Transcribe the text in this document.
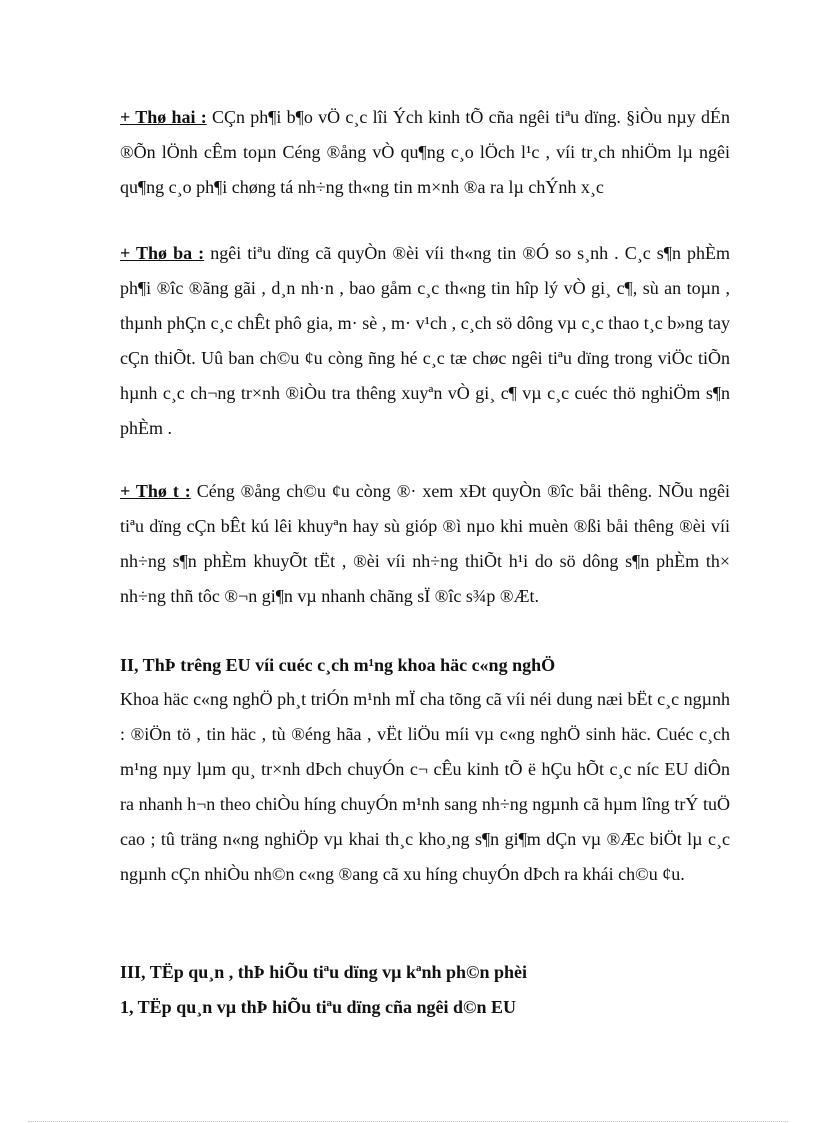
+ Thø hai : CÇn ph¶i b¶o vÖ c¸c lîi Ých kinh tÕ cña ngêi tiªu dïng. §iÒu nµy dÉn ®Õn lÖnh cÊm toµn Céng ®ång vÒ qu¶ng c¸o lÖch l¹c , víi tr¸ch nhiÖm lµ ngêi qu¶ng c¸o ph¶i chøng tá nh÷ng th«ng tin m×nh ®a ra lµ chÝnh x¸c

+ Thø ba : ngêi tiªu dïng cã quyÒn ®èi víi th«ng tin ®Ó so s¸nh . C¸c s¶n phÈm ph¶i ®îc ®ãng gãi , d¸n nh·n , bao gåm c¸c th«ng tin hîp lý vÒ gi¸ c¶, sù an toµn , thµnh phÇn c¸c chÊt phô gia, m· sè , m· v¹ch , c¸ch sö dông vµ c¸c thao t¸c b»ng tay cÇn thiÕt. Uû ban ch©u ¢u còng ñng hé c¸c tæ chøc ngêi tiªu dïng trong viÖc tiÕn hµnh c¸c ch¬ng tr×nh ®iÒu tra thêng xuyªn vÒ gi¸ c¶ vµ c¸c cuéc thö nghiÖm s¶n phÈm .

+ Thø t : Céng ®ång ch©u ¢u còng ®· xem xÐt quyÒn ®îc båi thêng. NÕu ngêi tiªu dïng cÇn bÊt kú lêi khuyªn hay sù gióp ®ì nµo khi muèn ®ßi båi thêng ®èi víi nh÷ng s¶n phÈm khuyÕt tËt , ®èi víi nh÷ng thiÕt h¹i do sö dông s¶n phÈm th× nh÷ng thñ tôc ®¬n gi¶n vµ nhanh chãng sÏ ®îc s¾p ®Æt.

II, ThÞ trêng EU víi cuéc c¸ch m¹ng khoa häc c«ng nghÖ

Khoa häc c«ng nghÖ ph¸t triÓn m¹nh mÏ cha tõng cã víi néi dung næi bËt c¸c ngµnh : ®iÖn tö , tin häc , tù ®éng hãa , vËt liÖu míi vµ c«ng nghÖ sinh häc. Cuéc c¸ch m¹ng nµy lµm qu¸ tr×nh dÞch chuyÓn c¬ cÊu kinh tÕ ë hÇu hÕt c¸c níc EU diÔn ra nhanh h¬n theo chiÒu híng chuyÓn m¹nh sang nh÷ng ngµnh cã hµm lîng trÝ tuÖ cao ; tû träng n«ng nghiÖp vµ khai th¸c kho¸ng s¶n gi¶m dÇn vµ ®Æc biÖt lµ c¸c ngµnh cÇn nhiÒu nh©n c«ng ®ang cã xu híng chuyÓn dÞch ra khái ch©u ¢u.

III, TËp qu¸n , thÞ hiÕu tiªu dïng vµ kªnh ph©n phèi

1, TËp qu¸n vµ thÞ hiÕu tiªu dïng cña ngêi d©n EU
